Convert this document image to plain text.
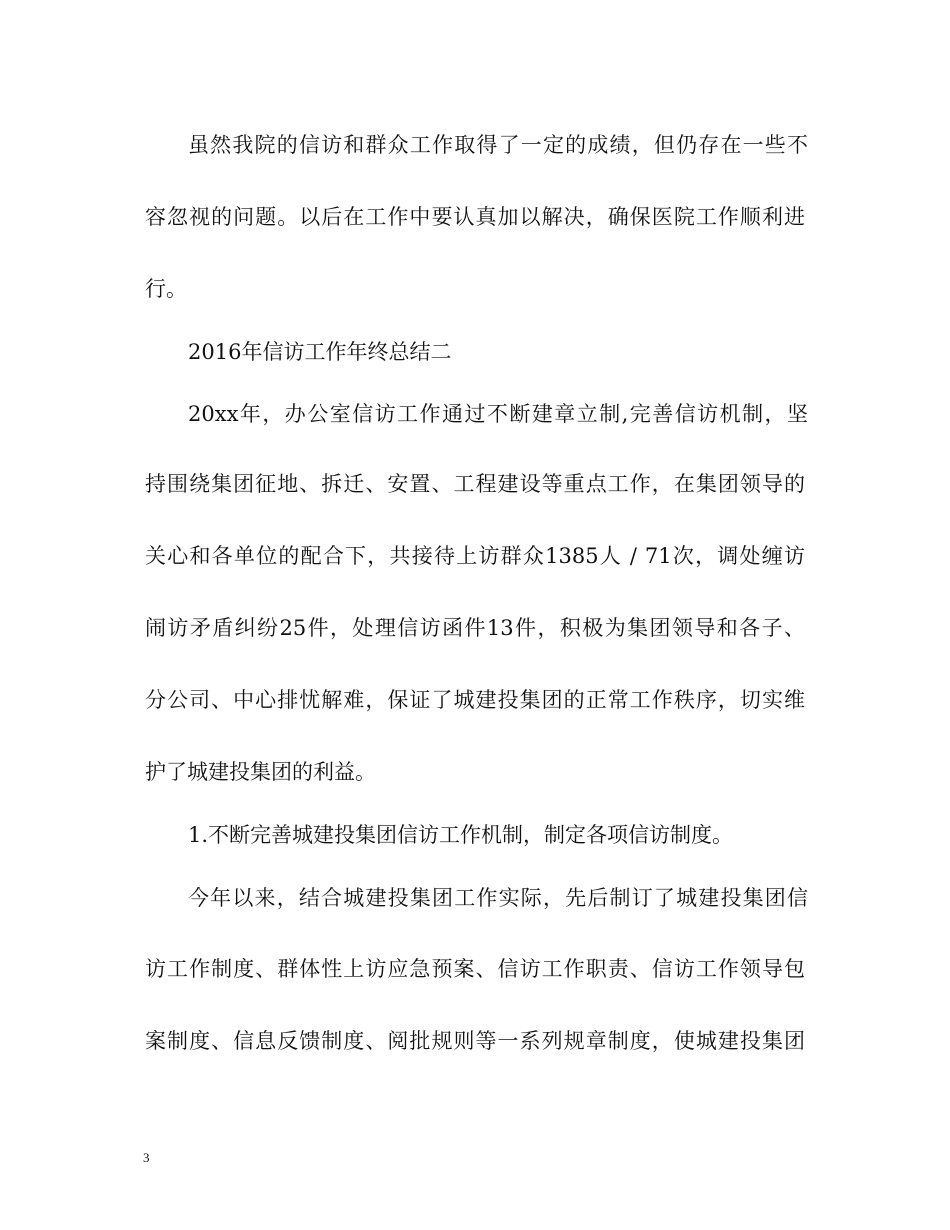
虽然我院的信访和群众工作取得了一定的成绩，但仍存在一些不
容忽视的问题。以后在工作中要认真加以解决，确保医院工作顺利进
行。
2016年信访工作年终总结二
20xx年，办公室信访工作通过不断建章立制,完善信访机制，坚
持围绕集团征地、拆迁、安置、工程建设等重点工作，在集团领导的
关心和各单位的配合下，共接待上访群众1385人 / 71次，调处缠访
闹访矛盾纠纷25件，处理信访函件13件，积极为集团领导和各子、
分公司、中心排忧解难，保证了城建投集团的正常工作秩序，切实维
护了城建投集团的利益。
1.不断完善城建投集团信访工作机制，制定各项信访制度。
今年以来，结合城建投集团工作实际，先后制订了城建投集团信
访工作制度、群体性上访应急预案、信访工作职责、信访工作领导包
案制度、信息反馈制度、阅批规则等一系列规章制度，使城建投集团
3
